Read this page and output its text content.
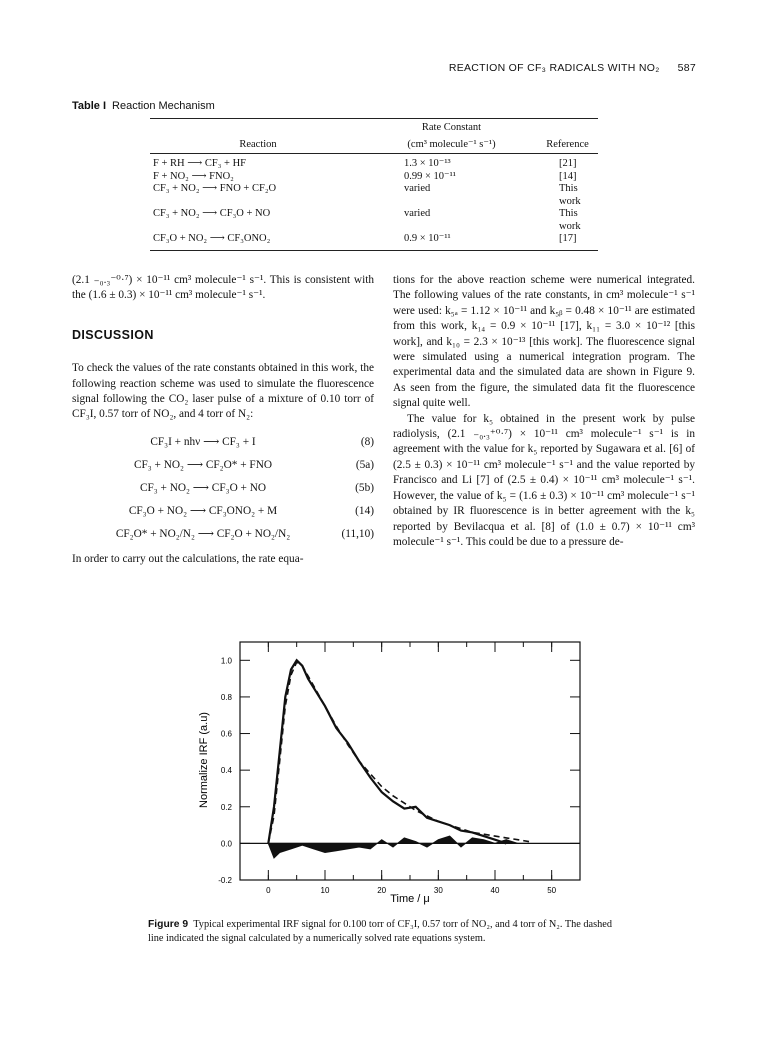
REACTION OF CF₃ RADICALS WITH NO₂ 587
Table I Reaction Mechanism
Reaction	Rate Constant	Reference
	(cm³ molecule⁻¹ s⁻¹)	
F + RH ⟶ CF₃ + HF	1.3 × 10⁻¹³	[21]
F + NO₂ ⟶ FNO₂	0.99 × 10⁻¹¹	[14]
CF₃ + NO₂ ⟶ FNO + CF₂O	varied	This work
CF₃ + NO₂ ⟶ CF₃O + NO	varied	This work
CF₃O + NO₂ ⟶ CF₃ONO₂	0.9 × 10⁻¹¹	[17]

(2.1 ₋₀.₃⁻⁰·⁷) × 10⁻¹¹ cm³ molecule⁻¹ s⁻¹. This is consistent with the (1.6 ± 0.3) × 10⁻¹¹ cm³ molecule⁻¹ s⁻¹.

DISCUSSION

To check the values of the rate constants obtained in this work, the following reaction scheme was used to simulate the fluorescence signal following the CO₂ laser pulse of a mixture of 0.10 torr of CF₃I, 0.57 torr of NO₂, and 4 torr of N₂:

CF₃I + nhν ⟶ CF₃ + I	(8)
CF₃ + NO₂ ⟶ CF₂O* + FNO	(5a)
CF₃ + NO₂ ⟶ CF₃O + NO	(5b)
CF₃O + NO₂ ⟶ CF₃ONO₂ + M	(14)
CF₂O* + NO₂/N₂ ⟶ CF₂O + NO₂/N₂	(11,10)

In order to carry out the calculations, the rate equa-

tions for the above reaction scheme were numerical integrated. The following values of the rate constants, in cm³ molecule⁻¹ s⁻¹ were used: k₅ₐ = 1.12 × 10⁻¹¹ and k₅ᵦ = 0.48 × 10⁻¹¹ are estimated from this work, k₁₄ = 0.9 × 10⁻¹¹ [17], k₁₁ = 3.0 × 10⁻¹² [this work], and k₁₀ = 2.3 × 10⁻¹³ [this work]. The fluorescence signal were simulated using a numerical integration program. The experimental data and the simulated data are shown in Figure 9. As seen from the figure, the simulated data fit the fluorescence signal quite well.

The value for k₅ obtained in the present work by pulse radiolysis, (2.1 ₋₀.₃⁺⁰·⁷) × 10⁻¹¹ cm³ molecule⁻¹ s⁻¹ is in agreement with the value for k₅ reported by Sugawara et al. [6] of (2.5 ± 0.3) × 10⁻¹¹ cm³ molecule⁻¹ s⁻¹ and the value reported by Francisco and Li [7] of (2.5 ± 0.4) × 10⁻¹¹ cm³ molecule⁻¹ s⁻¹. However, the value of k₅ = (1.6 ± 0.3) × 10⁻¹¹ cm³ molecule⁻¹ s⁻¹ obtained by IR fluorescence is in better agreement with the k₅ reported by Bevilacqua et al. [8] of (1.0 ± 0.7) × 10⁻¹¹ cm³ molecule⁻¹ s⁻¹. This could be due to a pressure de-

1.0
0.8
0.6
0.4
0.2
0.0
-0.2
0	10	20	30	40	50
Normalize IRF (a.u)
Time / μ
Figure 9 Typical experimental IRF signal for 0.100 torr of CF₃I, 0.57 torr of NO₂, and 4 torr of N₂. The dashed line indicated the signal calculated by a numerically solved rate equations system.
